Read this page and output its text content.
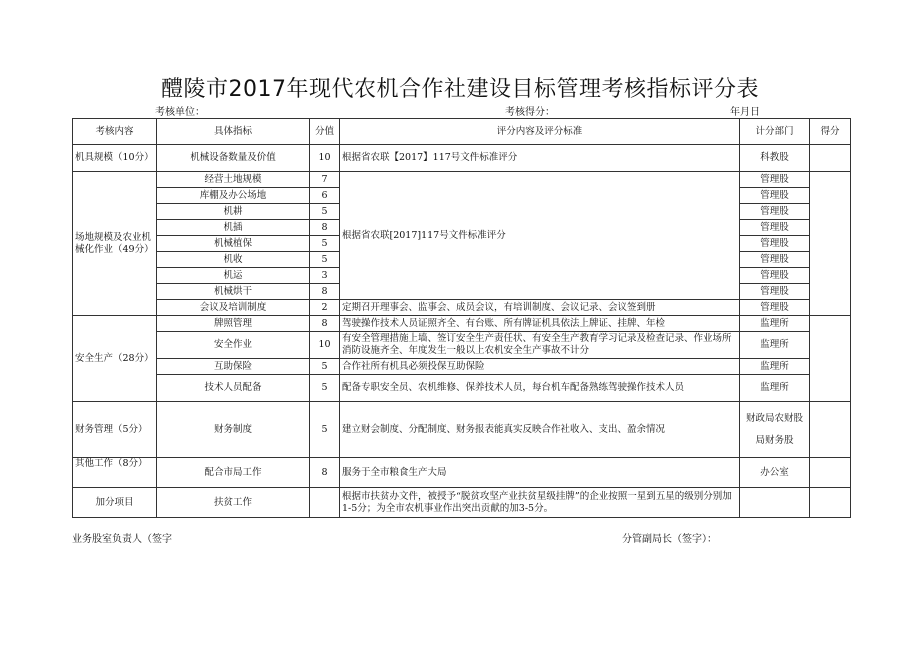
醴陵市2017年现代农机合作社建设目标管理考核指标评分表
考核单位：	考核得分：	年月日
考核内容	具体指标	分值	评分内容及评分标准	计分部门	得分
机具规模（10分）	机械设备数量及价值	10	根据省农联【2017】117号文件标准评分	科教股	
场地规模及农业机械化作业（49分）	经营土地规模	7	根据省农联[2017]117号文件标准评分	管理股	
	库棚及办公场地	6		管理股	
	机耕	5		管理股	
	机插	8		管理股	
	机械植保	5		管理股	
	机收	5		管理股	
	机运	3		管理股	
	机械烘干	8		管理股	
	会议及培训制度	2	定期召开理事会、监事会、成员会议，有培训制度、会议记录、会议签到册	管理股	
安全生产（28分）	牌照管理	8	驾驶操作技术人员证照齐全、有台账、所有牌证机具依法上牌证、挂牌、年检	监理所	
	安全作业	10	有安全管理措施上墙、签订安全生产责任状、有安全生产教育学习记录及检查记录、作业场所消防设施齐全、年度发生一般以上农机安全生产事故不计分	监理所	
	互助保险	5	合作社所有机具必须投保互助保险	监理所	
	技术人员配备	5	配备专职安全员、农机维修、保养技术人员，每台机车配备熟练驾驶操作技术人员	监理所	
财务管理（5分）	财务制度	5	建立财会制度、分配制度、财务报表能真实反映合作社收入、支出、盈余情况	财政局农财股
局财务股	

其他工作（8分）	配合市局工作	8	服务于全市粮食生产大局	办公室	
加分项目	扶贫工作		根据市扶贫办文件，被授予“脱贫攻坚产业扶贫星级挂牌”的企业按照一星到五星的级别分别加1-5分；为全市农机事业作出突出贡献的加3-5分。		
业务股室负责人（签字	分管副局长（签字）：
